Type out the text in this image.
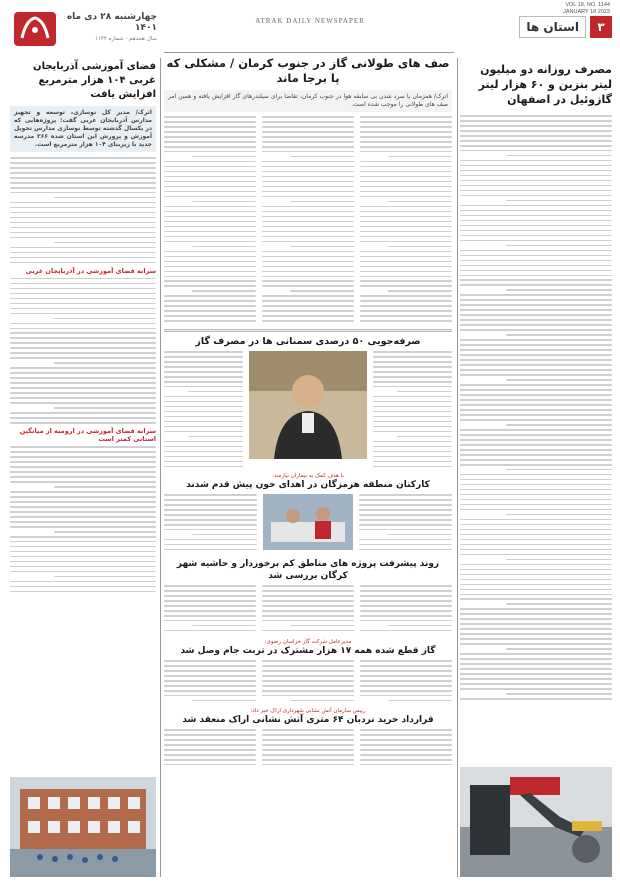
VOL 18, NO. 1144
JANUARY 18 2023
۳
استان ها
ATRAK DAILY NEWSPAPER
چهارشنبه ۲۸ دی ماه ۱۴۰۱
سال هجدهم - شماره ۱۱۴۴
مصرف روزانه دو میلیون لیتر بنزین و ۶۰ هزار لیتر گازوئیل در اصفهان
صف های طولانی گاز در جنوب کرمان / مشکلی که پا برجا ماند
اترک/ همزمان با سرد شدن بی سابقه هوا در جنوب کرمان، تقاضا برای سیلندرهای گاز افزایش یافته و همین امر صف های طولانی را موجب شده است.
صرفه‌جویی ۵۰ درصدی سمنانی ها در مصرف گاز
با هدف کمک به بیماران نیازمند:
کارکنان منطقه هرمزگان در اهدای خون پیش قدم شدند
روند پیشرفت پروژه های مناطق کم برخوردار و حاشیه شهر کرگان بررسی شد
مدیرعامل شرکت گاز خراسان رضوی:
گاز قطع شده همه ۱۷ هزار مشترک در تربت جام وصل شد
رییس سازمان آتش نشانی شهرداری اراک خبر داد:
قرارداد خرید نردبان ۶۴ متری آتش نشانی اراک منعقد شد
فضای آموزشی آذربایجان غربی ۱۰۴ هزار مترمربع افزایش یافت
اترک/ مدیر کل نوسازی، توسعه و تجهیز مدارس آذربایجان غربی گفت: پروژه‌هایی که در یکسال گذشته توسط نوسازی مدارس تحویل آموزش و پرورش این استان شده ۲۶۶ مدرسه جدید با زیربنای ۱۰۴ هزار مترمربع است.
سرانه فضای آموزشی در آذربایجان غربی
سرانه فضای آموزشی در ارومیه از میانگین استانی کمتر است
